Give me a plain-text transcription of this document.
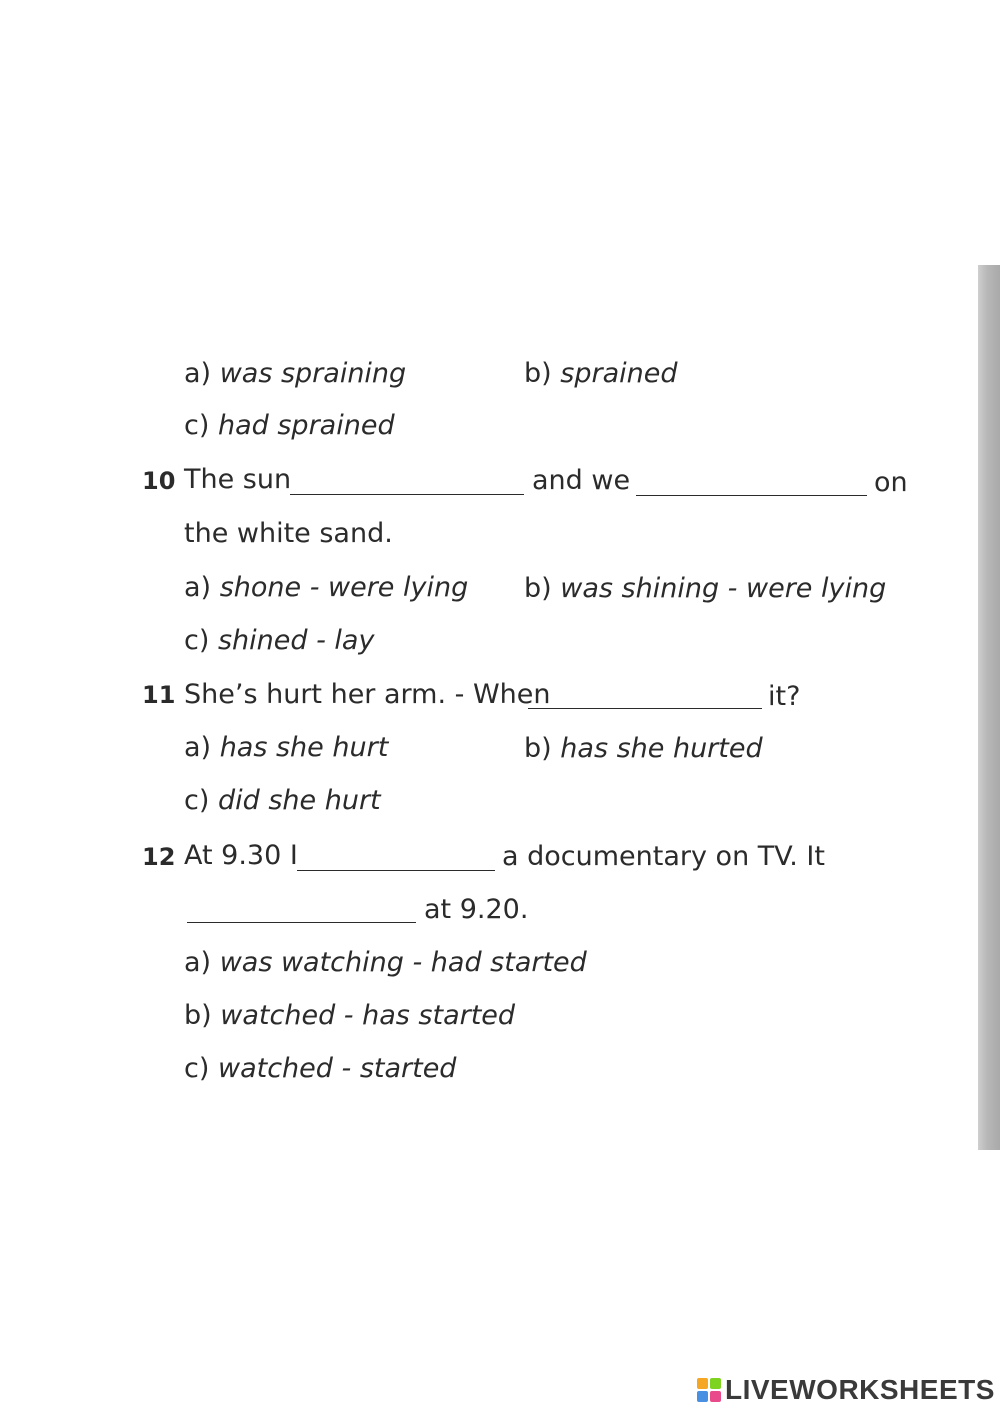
a) was spraining	b) sprained
c) had sprained
10 The sun	and we	on
the white sand.
a) shone - were lying b) was shining - were lying
c) shined - lay
11 She’s hurt her arm. - When	it?
a) has she hurt	b) has she hurted
c) did she hurt
12 At 9.30 I	a documentary on TV. It
at 9.20.
a) was watching - had started
b) watched - has started
c) watched - started
LIVEWORKSHEETS
